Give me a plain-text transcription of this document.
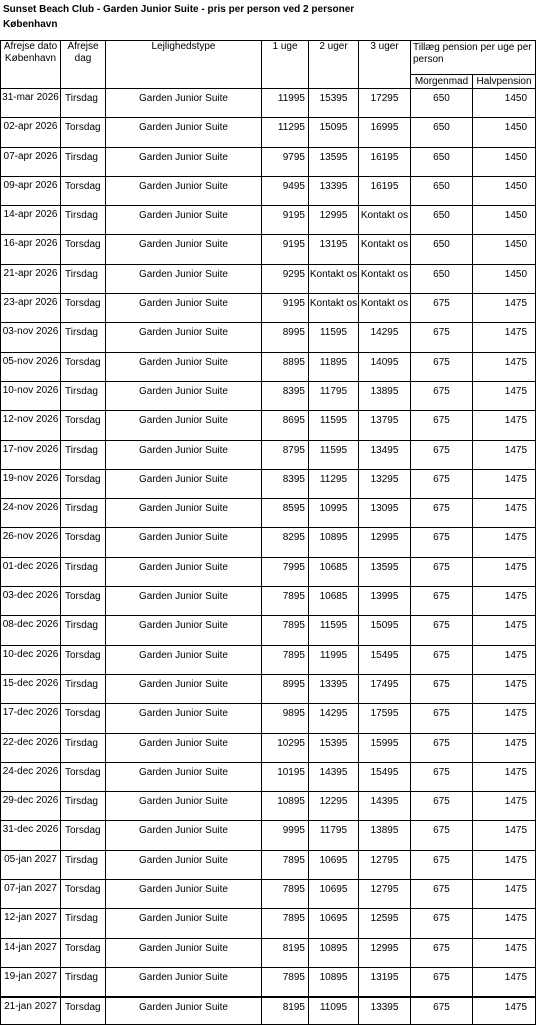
Sunset Beach Club - Garden Junior Suite - pris per person ved 2 personer
København
Afrejse dato København	Afrejse dag	Lejlighedstype	1 uge	2 uger	3 uger	Tillæg pension per uge per person	
						Morgenmad	Halvpension
31-mar 2026	Tirsdag	Garden Junior Suite	11995	15395	17295	650	1450
02-apr 2026	Torsdag	Garden Junior Suite	11295	15095	16995	650	1450
07-apr 2026	Tirsdag	Garden Junior Suite	9795	13595	16195	650	1450
09-apr 2026	Torsdag	Garden Junior Suite	9495	13395	16195	650	1450
14-apr 2026	Tirsdag	Garden Junior Suite	9195	12995	Kontakt os	650	1450
16-apr 2026	Torsdag	Garden Junior Suite	9195	13195	Kontakt os	650	1450
21-apr 2026	Tirsdag	Garden Junior Suite	9295	Kontakt os	Kontakt os	650	1450
23-apr 2026	Torsdag	Garden Junior Suite	9195	Kontakt os	Kontakt os	675	1475
03-nov 2026	Tirsdag	Garden Junior Suite	8995	11595	14295	675	1475
05-nov 2026	Torsdag	Garden Junior Suite	8895	11895	14095	675	1475
10-nov 2026	Tirsdag	Garden Junior Suite	8395	11795	13895	675	1475
12-nov 2026	Torsdag	Garden Junior Suite	8695	11595	13795	675	1475
17-nov 2026	Tirsdag	Garden Junior Suite	8795	11595	13495	675	1475
19-nov 2026	Torsdag	Garden Junior Suite	8395	11295	13295	675	1475
24-nov 2026	Tirsdag	Garden Junior Suite	8595	10995	13095	675	1475
26-nov 2026	Torsdag	Garden Junior Suite	8295	10895	12995	675	1475
01-dec 2026	Tirsdag	Garden Junior Suite	7995	10685	13595	675	1475
03-dec 2026	Torsdag	Garden Junior Suite	7895	10685	13995	675	1475
08-dec 2026	Tirsdag	Garden Junior Suite	7895	11595	15095	675	1475
10-dec 2026	Torsdag	Garden Junior Suite	7895	11995	15495	675	1475
15-dec 2026	Tirsdag	Garden Junior Suite	8995	13395	17495	675	1475
17-dec 2026	Torsdag	Garden Junior Suite	9895	14295	17595	675	1475
22-dec 2026	Tirsdag	Garden Junior Suite	10295	15395	15995	675	1475
24-dec 2026	Torsdag	Garden Junior Suite	10195	14395	15495	675	1475
29-dec 2026	Tirsdag	Garden Junior Suite	10895	12295	14395	675	1475
31-dec 2026	Torsdag	Garden Junior Suite	9995	11795	13895	675	1475
05-jan 2027	Tirsdag	Garden Junior Suite	7895	10695	12795	675	1475
07-jan 2027	Torsdag	Garden Junior Suite	7895	10695	12795	675	1475
12-jan 2027	Tirsdag	Garden Junior Suite	7895	10695	12595	675	1475
14-jan 2027	Torsdag	Garden Junior Suite	8195	10895	12995	675	1475
19-jan 2027	Tirsdag	Garden Junior Suite	7895	10895	13195	675	1475
21-jan 2027	Torsdag	Garden Junior Suite	8195	11095	13395	675	1475
